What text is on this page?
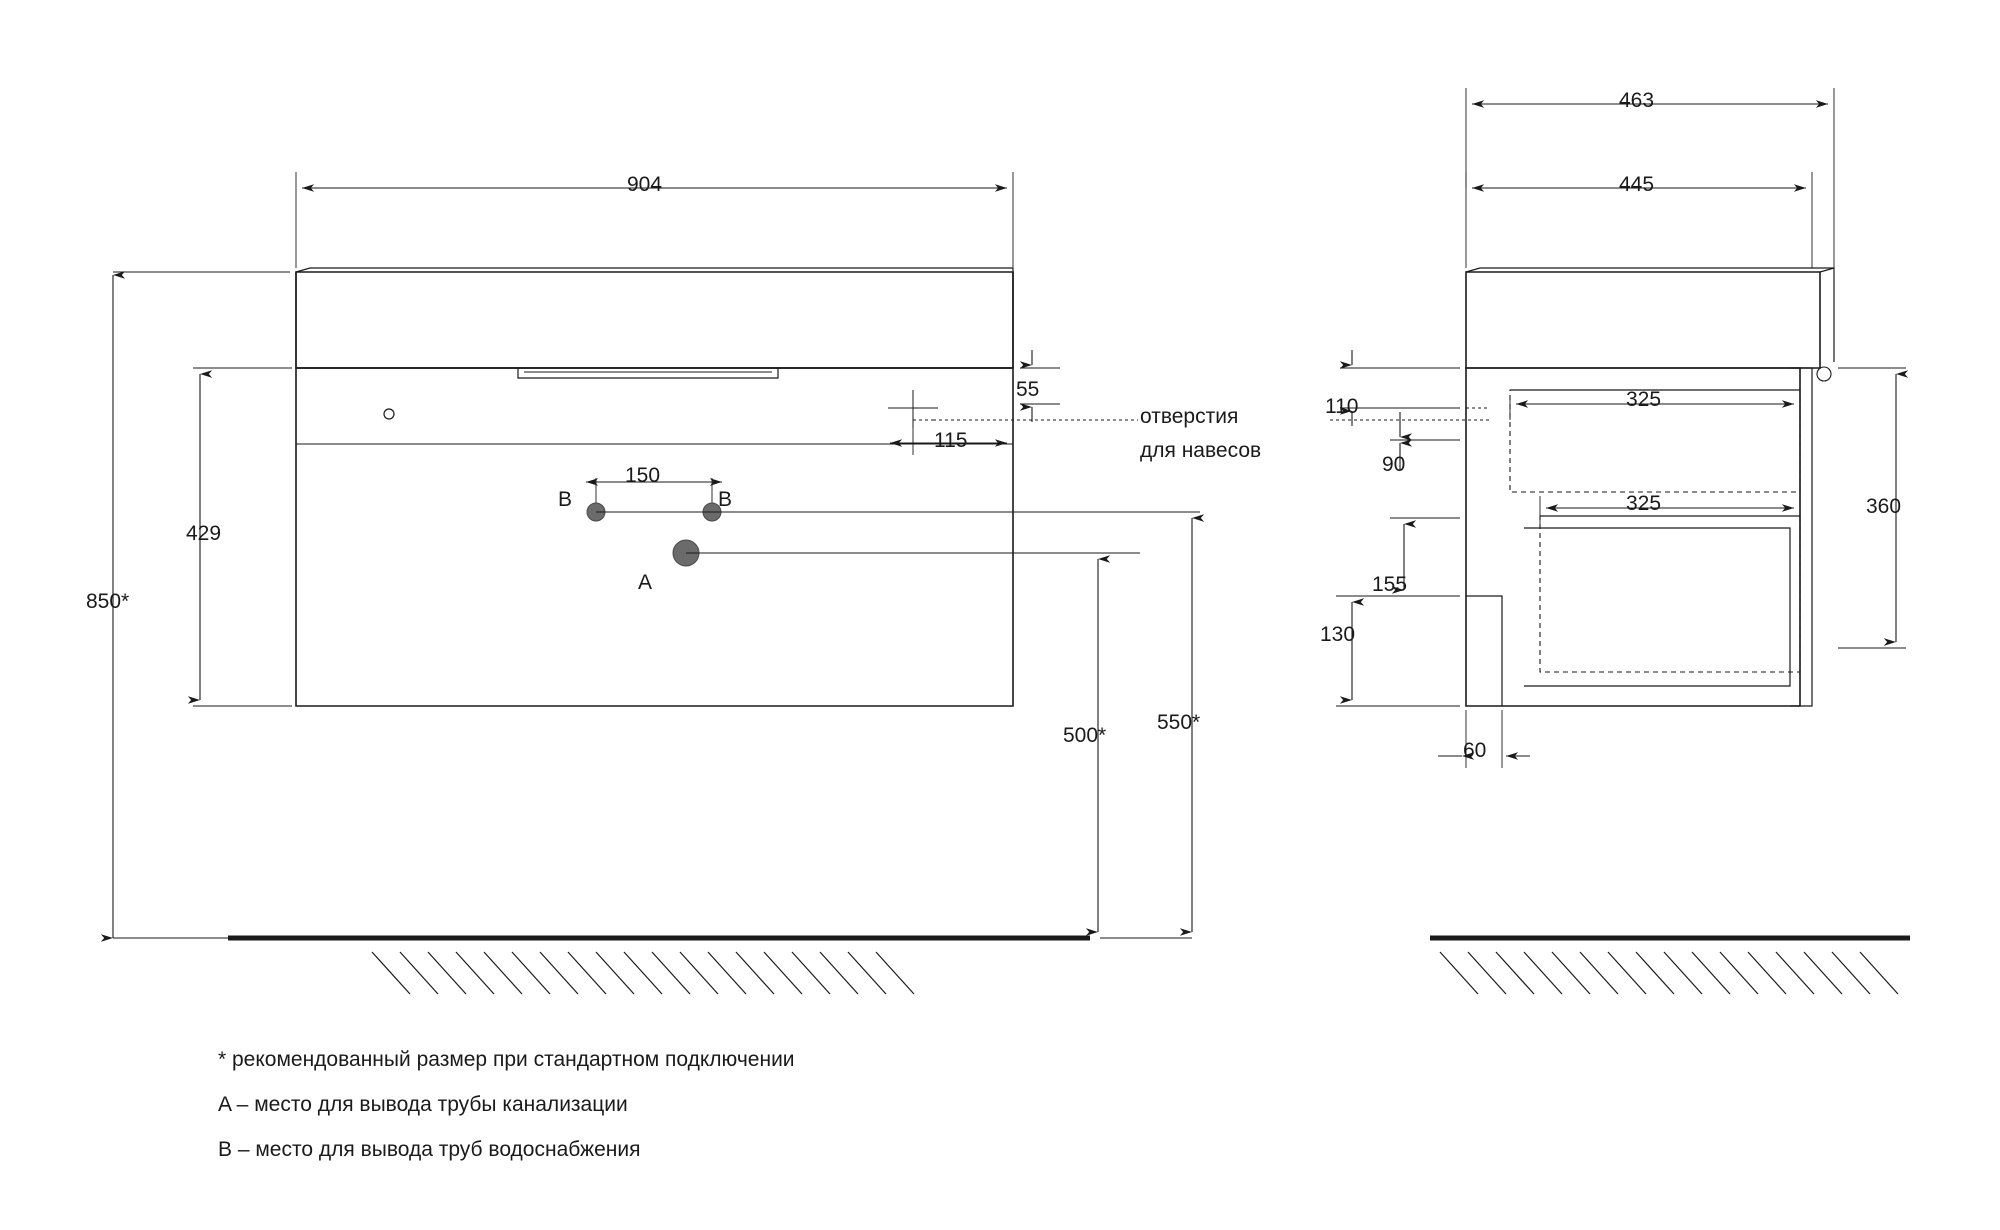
904
850*
429
55
115
150
500*
550*
B	B
A
отверстия
для навесов
463
445
110
90
325
325	360
155
130
60
* рекомендованный размер при стандартном подключении
A – место для вывода трубы канализации
B – место для вывода труб водоснабжения
